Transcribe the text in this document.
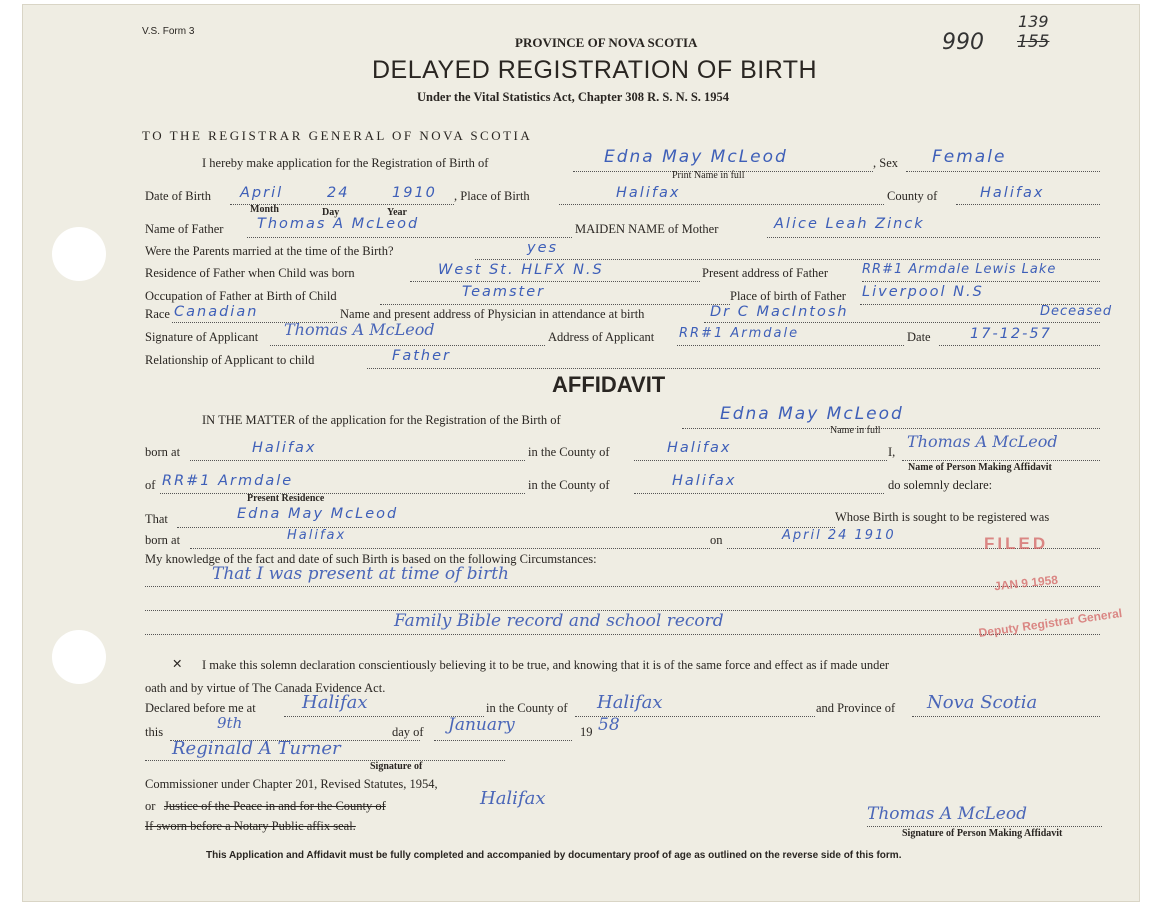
V.S. Form 3
PROVINCE OF NOVA SCOTIA
DELAYED REGISTRATION OF BIRTH
Under the Vital Statistics Act, Chapter 308 R. S. N. S. 1954
139
990 155
TO THE REGISTRAR GENERAL OF NOVA SCOTIA
I hereby make application for the Registration of Birth of	Edna May McLeod
Print Name in full
, Sex Female
Date of Birth April	24	1910
Month	Day	Year
, Place of Birth	Halifax	County of	Halifax
Name of Father Thomas A McLeod	MAIDEN NAME of Mother	Alice Leah Zinck
Were the Parents married at the time of the Birth?	yes
Residence of Father when Child was born	West St. HLFX N.S	Present address of Father	RR#1 Armdale Lewis Lake
Occupation of Father at Birth of Child	Teamster	Place of birth of Father Liverpool N.S
Race Canadian	Name and present address of Physician in attendance at birth	Dr C MacIntosh	Deceased
Signature of Applicant Thomas A McLeod	Address of Applicant RR#1 Armdale	Date	17-12-57
Relationship of Applicant to child	Father
AFFIDAVIT
IN THE MATTER of the application for the Registration of the Birth of	Edna May McLeod
Name in full
born at	Halifax	in the County of	Halifax	I,
Thomas A McLeod
Name of Person Making Affidavit
of RR#1 Armdale
Present Residence
in the County of	Halifax	do solemnly declare:
That	Edna May McLeod	Whose Birth is sought to be registered was
born at	Halifax	on	April 24 1910
My knowledge of the fact and date of such Birth is based on the following Circumstances:
That I was present at time of birth
Family Bible record and school record
✕ I make this solemn declaration conscientiously believing it to be true, and knowing that it is of the same force and effect as if made under
oath and by virtue of The Canada Evidence Act.
Declared before me at	Halifax	in the County of Halifax	and Province of Nova Scotia
this	9th	day of January	19 58
Reginald A Turner
Signature of
Commissioner under Chapter 201, Revised Statutes, 1954,
or Justice of the Peace in and for the County of	Halifax
If sworn before a Notary Public affix seal.
Thomas A McLeod
Signature of Person Making Affidavit
This Application and Affidavit must be fully completed and accompanied by documentary proof of age as outlined on the reverse side of this form.
FILED
JAN 9 1958
Deputy Registrar General
